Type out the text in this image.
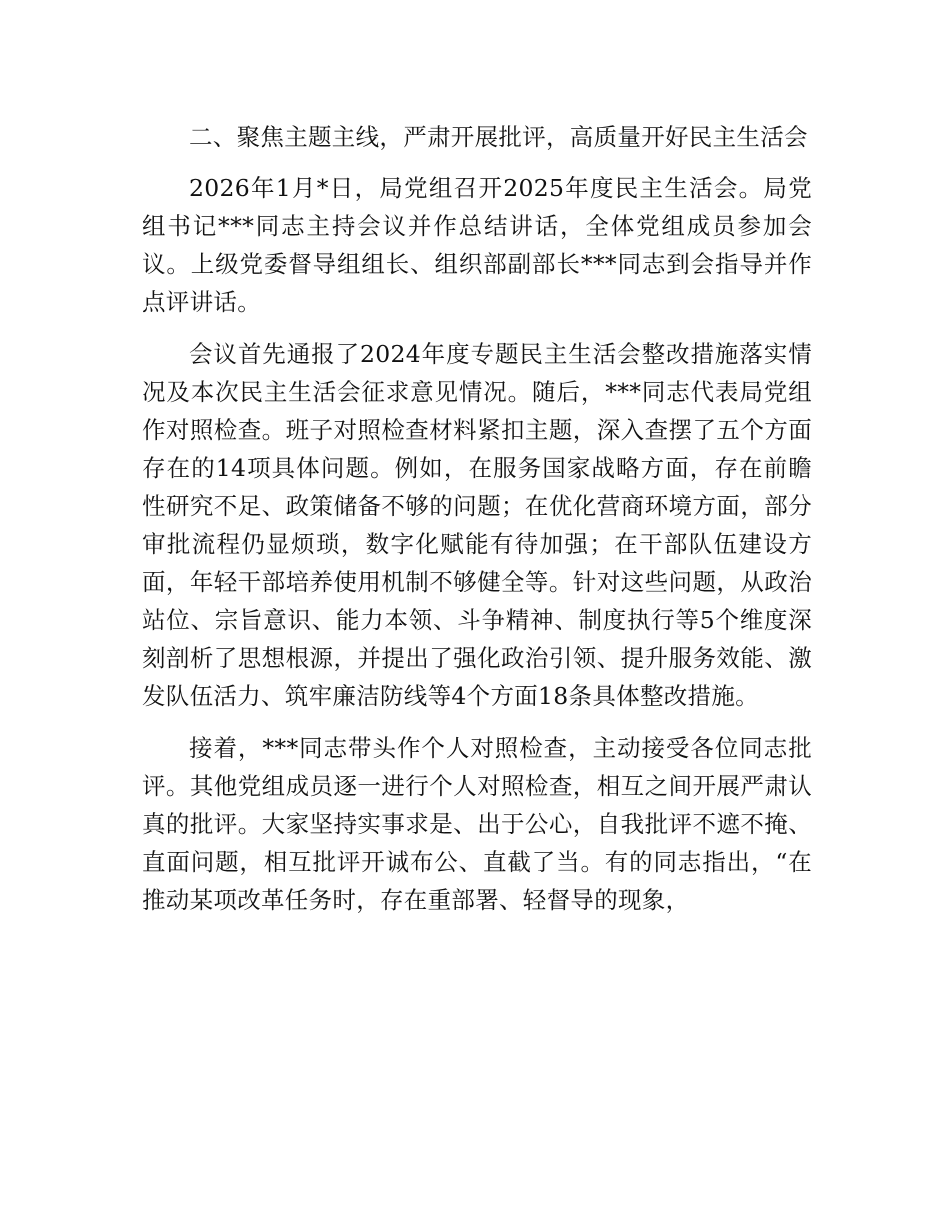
二、聚焦主题主线，严肃开展批评，高质量开好民主生活会

2026年1月*日，局党组召开2025年度民主生活会。局党组书记***同志主持会议并作总结讲话，全体党组成员参加会议。上级党委督导组组长、组织部副部长***同志到会指导并作点评讲话。

会议首先通报了2024年度专题民主生活会整改措施落实情况及本次民主生活会征求意见情况。随后，***同志代表局党组作对照检查。班子对照检查材料紧扣主题，深入查摆了五个方面存在的14项具体问题。例如，在服务国家战略方面，存在前瞻性研究不足、政策储备不够的问题；在优化营商环境方面，部分审批流程仍显烦琐，数字化赋能有待加强；在干部队伍建设方面，年轻干部培养使用机制不够健全等。针对这些问题，从政治站位、宗旨意识、能力本领、斗争精神、制度执行等5个维度深刻剖析了思想根源，并提出了强化政治引领、提升服务效能、激发队伍活力、筑牢廉洁防线等4个方面18条具体整改措施。

接着，***同志带头作个人对照检查，主动接受各位同志批评。其他党组成员逐一进行个人对照检查，相互之间开展严肃认真的批评。大家坚持实事求是、出于公心，自我批评不遮不掩、直面问题，相互批评开诚布公、直截了当。有的同志指出，“在推动某项改革任务时，存在重部署、轻督导的现象，
